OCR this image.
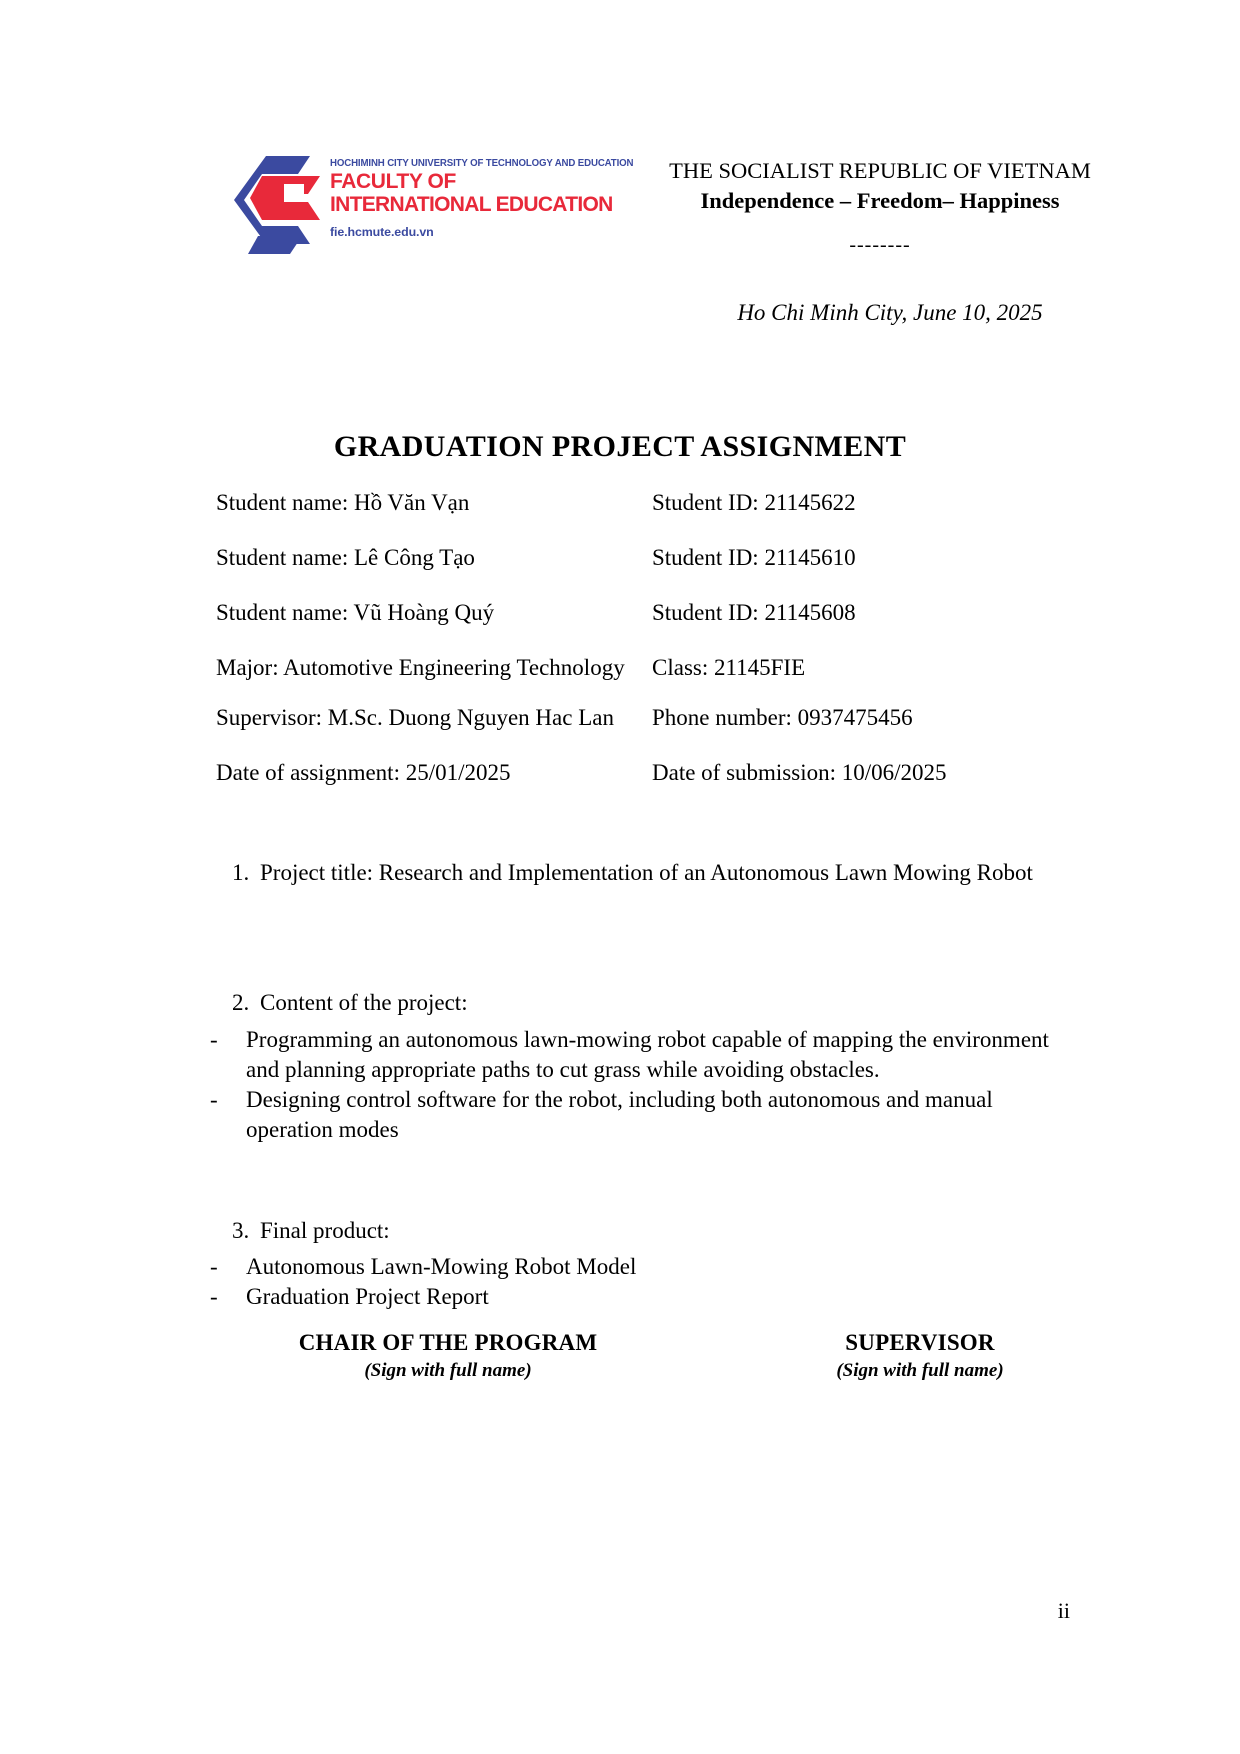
HOCHIMINH CITY UNIVERSITY OF TECHNOLOGY AND EDUCATION
FACULTY OF
INTERNATIONAL EDUCATION
fie.hcmute.edu.vn
THE SOCIALIST REPUBLIC OF VIETNAM
Independence – Freedom– Happiness
--------
Ho Chi Minh City, June 10, 2025
GRADUATION PROJECT ASSIGNMENT
Student name: Hồ Văn Vạn	Student ID: 21145622
Student name: Lê Công Tạo	Student ID: 21145610
Student name: Vũ Hoàng Quý	Student ID: 21145608
Major: Automotive Engineering Technology Class: 21145FIE
Supervisor: M.Sc. Duong Nguyen Hac Lan Phone number: 0937475456
Date of assignment: 25/01/2025	Date of submission: 10/06/2025
1. Project title: Research and Implementation of an Autonomous Lawn Mowing Robot
2. Content of the project:
- Programming an autonomous lawn-mowing robot capable of mapping the environment and planning appropriate paths to cut grass while avoiding obstacles.
- Designing control software for the robot, including both autonomous and manual operation modes
3. Final product:
- Autonomous Lawn-Mowing Robot Model
- Graduation Project Report
CHAIR OF THE PROGRAM
(Sign with full name)
SUPERVISOR
(Sign with full name)
ii
